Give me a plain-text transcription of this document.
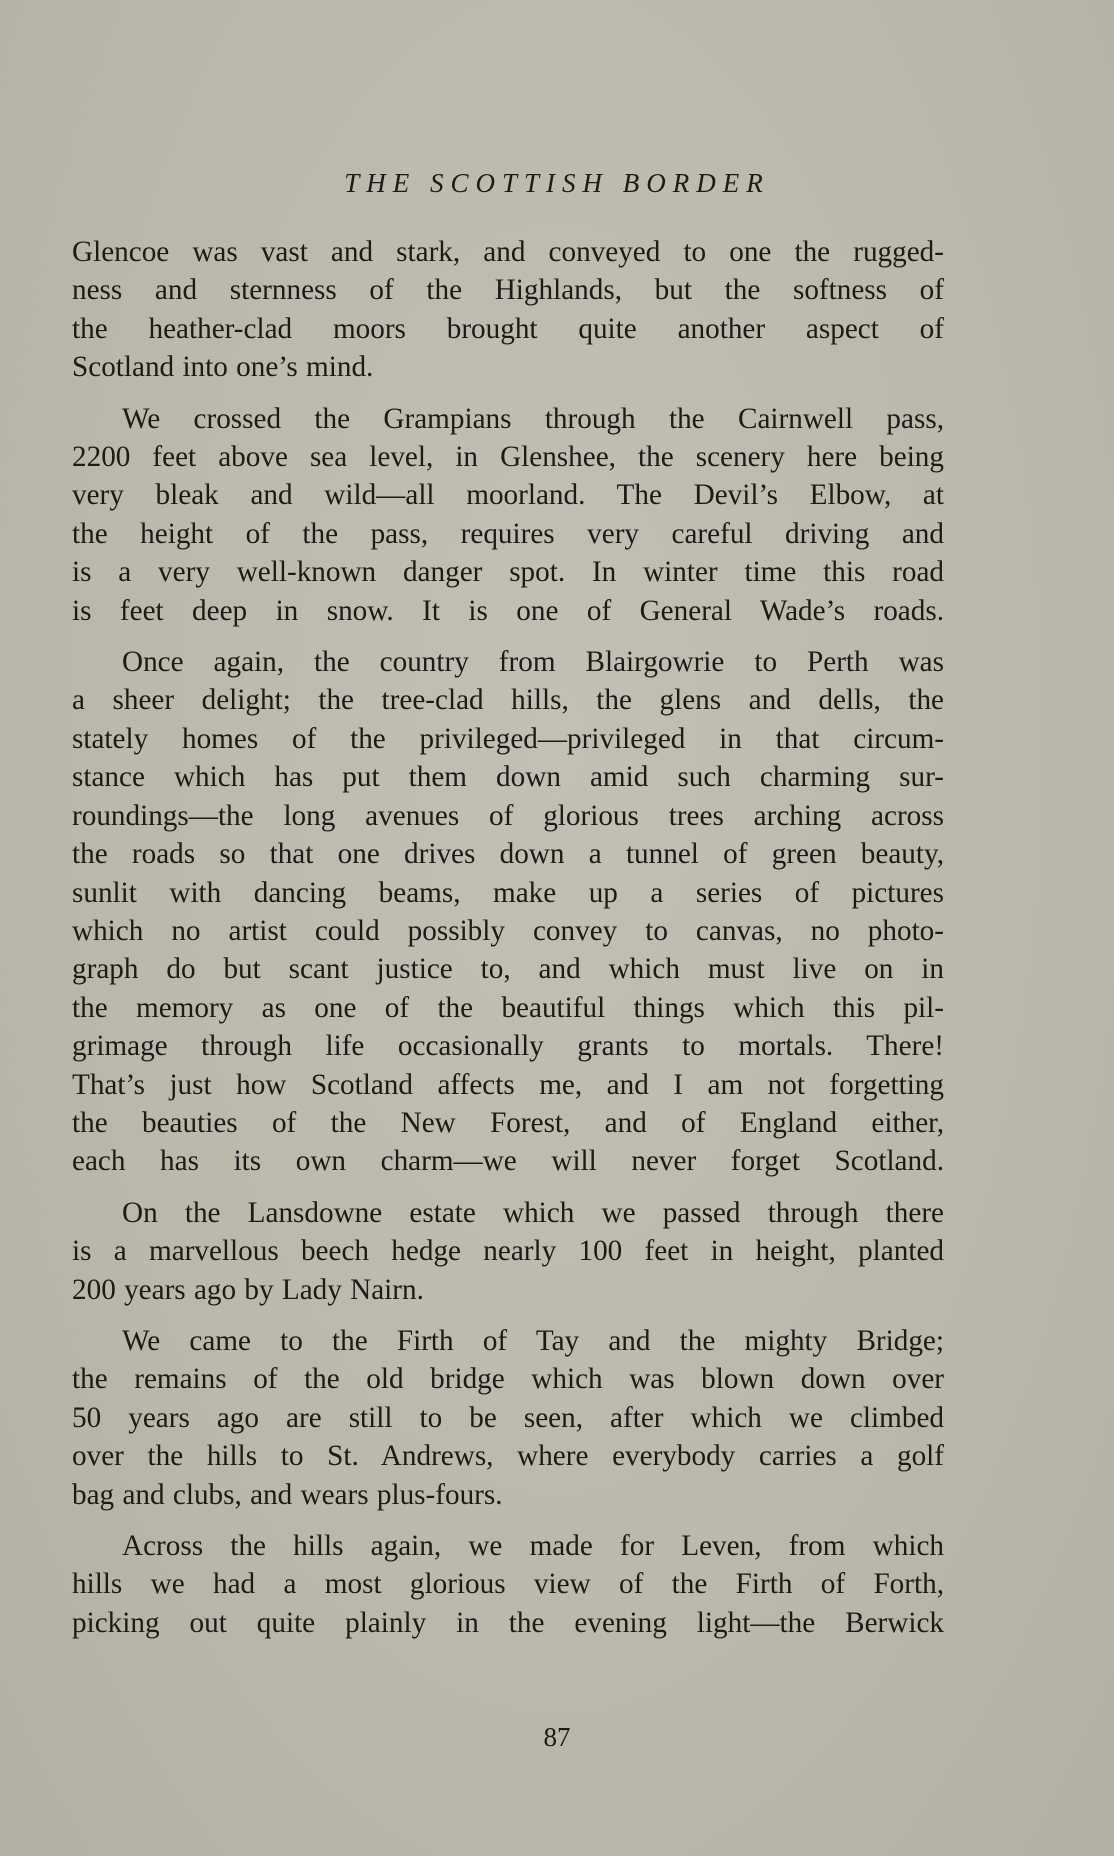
THE SCOTTISH BORDER
Glencoe was vast and stark, and conveyed to one the rugged-
ness and sternness of the Highlands, but the softness of
the heather-clad moors brought quite another aspect of
Scotland into one’s mind.
We crossed the Grampians through the Cairnwell pass,
2200 feet above sea level, in Glenshee, the scenery here being
very bleak and wild—all moorland. The Devil’s Elbow, at
the height of the pass, requires very careful driving and
is a very well-known danger spot. In winter time this road
is feet deep in snow. It is one of General Wade’s roads.
Once again, the country from Blairgowrie to Perth was
a sheer delight; the tree-clad hills, the glens and dells, the
stately homes of the privileged—privileged in that circum-
stance which has put them down amid such charming sur-
roundings—the long avenues of glorious trees arching across
the roads so that one drives down a tunnel of green beauty,
sunlit with dancing beams, make up a series of pictures
which no artist could possibly convey to canvas, no photo-
graph do but scant justice to, and which must live on in
the memory as one of the beautiful things which this pil-
grimage through life occasionally grants to mortals. There!
That’s just how Scotland affects me, and I am not forgetting
the beauties of the New Forest, and of England either,
each has its own charm—we will never forget Scotland.
On the Lansdowne estate which we passed through there
is a marvellous beech hedge nearly 100 feet in height, planted
200 years ago by Lady Nairn.
We came to the Firth of Tay and the mighty Bridge;
the remains of the old bridge which was blown down over
50 years ago are still to be seen, after which we climbed
over the hills to St. Andrews, where everybody carries a golf
bag and clubs, and wears plus-fours.
Across the hills again, we made for Leven, from which
hills we had a most glorious view of the Firth of Forth,
picking out quite plainly in the evening light—the Berwick
87
